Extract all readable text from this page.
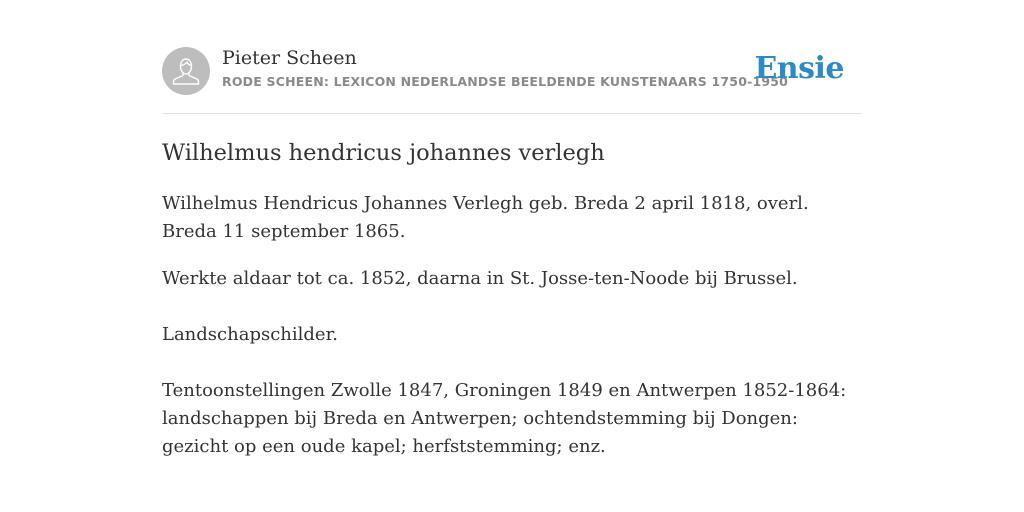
Pieter Scheen
RODE SCHEEN: LEXICON NEDERLANDSE BEELDENDE KUNSTENAARS 1750-1950
Ensie
Wilhelmus hendricus johannes verlegh

Wilhelmus Hendricus Johannes Verlegh geb. Breda 2 april 1818, overl. Breda 11 september 1865.

Werkte aldaar tot ca. 1852, daarna in St. Josse-ten-Noode bij Brussel.

Landschapschilder.

Tentoonstellingen Zwolle 1847, Groningen 1849 en Antwerpen 1852-1864: landschappen bij Breda en Antwerpen; ochtendstemming bij Dongen: gezicht op een oude kapel; herfststemming; enz.
